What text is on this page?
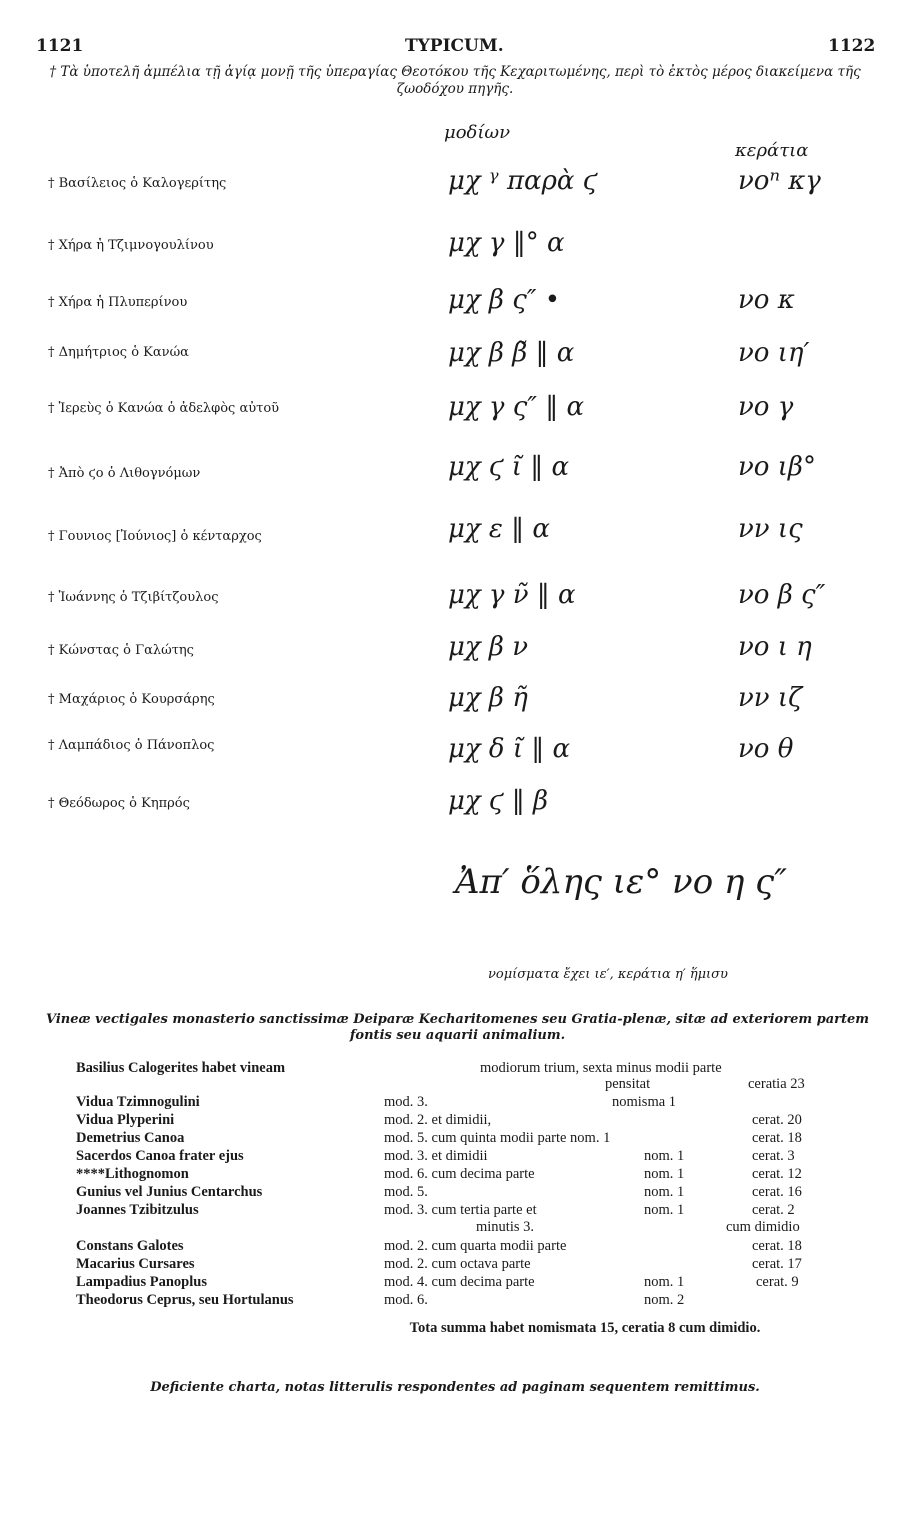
1121	TYPICUM.	1122
† Τὰ ὑποτελῆ ἀμπέλια τῇ ἁγίᾳ μονῇ τῆς ὑπεραγίας Θεοτόκου τῆς Κεχαριτωμένης, περὶ τὸ ἐκτὸς μέρος διακείμενα τῆς ζωοδόχου πηγῆς.
μοδίων
κεράτια
† Βασίλειος ὁ Καλογερίτης	μχ ᵞ παρὰ ϛ	νοⁿ κγ
† Χήρα ἡ Τζιμνογουλίνου	μχ γ ‖° α
† Χήρα ἡ Πλυπερίνου	μχ β ς″ •	νο κ
† Δημήτριος ὁ Κανώα	μχ β β̃ ‖ α	νο ιη′
† Ἱερεὺς ὁ Κανώα ὁ ἀδελφὸς αὐτοῦ	μχ γ ς″ ‖ α	νο γ
† Ἀπὸ ϛο ὁ Λιθογνόμων	μχ ϛ ῖ ‖ α	νο ιβ°
† Γουνιος [Ἰούνιος] ὁ κένταρχος	μχ ε ‖ α	νν ις
† Ἰωάννης ὁ Τζιβίτζουλος	μχ γ ν̃ ‖ α	νο β ς″
† Κώνστας ὁ Γαλώτης	μχ β ν	νο ι η
† Μαχάριος ὁ Κουρσάρης	μχ β η̃	νν ιζ
† Λαμπάδιος ὁ Πάνοπλος	μχ δ ῖ ‖ α	νο θ
† Θεόδωρος ὁ Κηπρός	μχ ϛ ‖ β
Ἀπ′ ὅλης ιε° νο η ς″
νομίσματα ἔχει ιε′, κεράτια η′ ἥμισυ
Vineæ vectigales monasterio sanctissimæ Deiparæ Kecharitomenes seu Gratia-plenæ, sitæ ad exteriorem partem fontis seu aquarii animalium.
Basilius Calogerites habet vineam	modiorum trium, sexta minus modii parte
pensitat	ceratia 23
Vidua Tzimnogulini	mod. 3.	nomisma 1
Vidua Plyperini	mod. 2. et dimidii,	cerat. 20
Demetrius Canoa	mod. 5. cum quinta modii parte nom. 1	cerat. 18
Sacerdos Canoa frater ejus	mod. 3. et dimidii	nom. 1	cerat. 3
****Lithognomon	mod. 6. cum decima parte	nom. 1	cerat. 12
Gunius vel Junius Centarchus	mod. 5.	nom. 1	cerat. 16
Joannes Tzibitzulus	mod. 3. cum tertia parte et	nom. 1	cerat. 2
minutis 3.	cum dimidio
Constans Galotes	mod. 2. cum quarta modii parte	cerat. 18
Macarius Cursares	mod. 2. cum octava parte	cerat. 17
Lampadius Panoplus	mod. 4. cum decima parte	nom. 1	cerat. 9
Theodorus Ceprus, seu Hortulanus	mod. 6.	nom. 2
Tota summa habet nomismata 15, ceratia 8 cum dimidio.
Deficiente charta, notas litterulis respondentes ad paginam sequentem remittimus.
